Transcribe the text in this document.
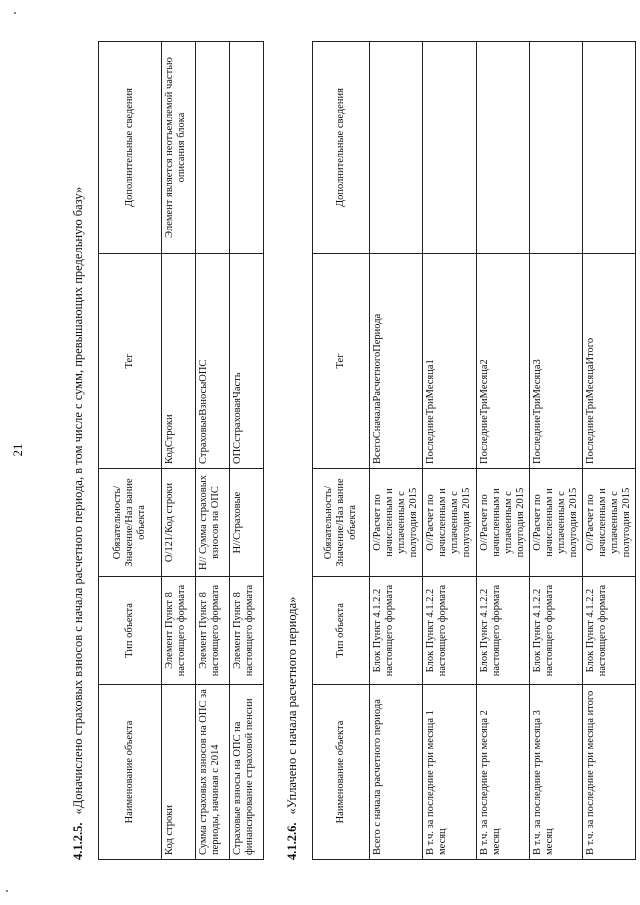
21
4.1.2.5.«Доначислено страховых взносов с начала расчетного периода, в том числе с сумм, превышающих предельную базу»	Наименование объекта	Тип объекта	Обязательность/Значение/Наз вание объекта	Тег	Дополнительные сведения
Код строки	Элемент Пункт 8 настоящего формата	О/121/Код строки	КодСтроки	Элемент является неотъемлемой частью описания блока
Сумма страховых взносов на ОПС за периоды, начиная с 2014	Элемент Пункт 8 настоящего формата	Н// Сумма страховых взносов на ОПС	СтраховыеВзносыОПС	
Страховые взносы на ОПС на финансирование страховой пенсии	Элемент Пункт 8 настоящего формата	Н//Страховые	ОПСстраховаяЧасть	
4.1.2.6.«Уплачено с начала расчетного периода»	Наименование объекта	Тип объекта	Обязательность/Значение/Наз вание объекта	Тег	Дополнительные сведения
Всего с начала расчетного периода	Блок Пункт 4.1.2.2 настоящего формата	О//Расчет по начисленным и уплаченным с полугодия 2015	ВсегоСначалаРасчетногоПериода	
В т.ч. за последние три месяца 1 месяц	Блок Пункт 4.1.2.2 настоящего формата	О//Расчет по начисленным и уплаченным с полугодия 2015	ПоследниеТриМесяца1	
В т.ч. за последние три месяца 2 месяц	Блок Пункт 4.1.2.2 настоящего формата	О//Расчет по начисленным и уплаченным с полугодия 2015	ПоследниеТриМесяца2	
В т.ч. за последние три месяца 3 месяц	Блок Пункт 4.1.2.2 настоящего формата	О//Расчет по начисленным и уплаченным с полугодия 2015	ПоследниеТриМесяца3	
В т.ч. за последние три месяца итого	Блок Пункт 4.1.2.2 настоящего формата	О//Расчет по начисленным и уплаченным с полугодия 2015	ПоследниеТриМесяцаИтого	
